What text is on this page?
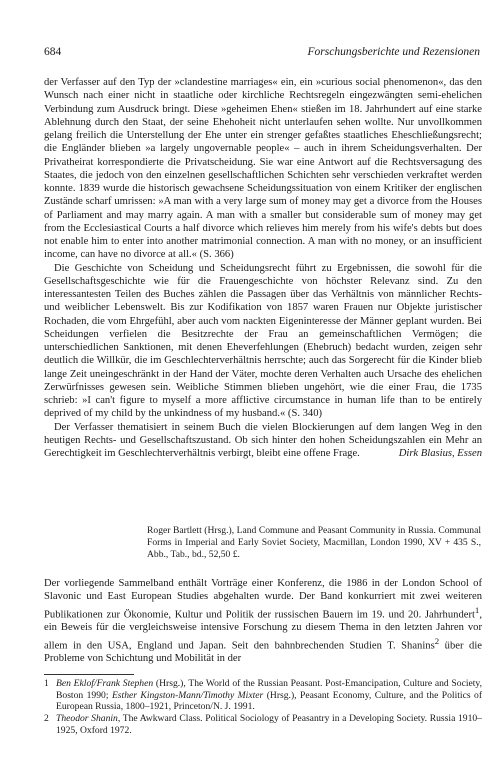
684	Forschungsberichte und Rezensionen

der Verfasser auf den Typ der »clandestine marriages« ein, ein »curious social phenomenon«, das den Wunsch nach einer nicht in staatliche oder kirchliche Rechtsregeln eingezwängten semi-ehelichen Verbindung zum Ausdruck bringt. Diese »geheimen Ehen« stießen im 18. Jahrhundert auf eine starke Ablehnung durch den Staat, der seine Ehehoheit nicht unterlaufen sehen wollte. Nur unvollkommen gelang freilich die Unterstellung der Ehe unter ein strenger gefaßtes staatliches Eheschließungsrecht; die Engländer blieben »a largely ungovernable people« – auch in ihrem Scheidungsverhalten. Der Privatheirat korrespondierte die Privatscheidung. Sie war eine Antwort auf die Rechtsversagung des Staates, die jedoch von den einzelnen gesellschaftlichen Schichten sehr verschieden verkraftet werden konnte. 1839 wurde die historisch gewachsene Scheidungssituation von einem Kritiker der englischen Zustände scharf umrissen: »A man with a very large sum of money may get a divorce from the Houses of Parliament and may marry again. A man with a smaller but considerable sum of money may get from the Ecclesiastical Courts a half divorce which relieves him merely from his wife's debts but does not enable him to enter into another matrimonial connection. A man with no money, or an insufficient income, can have no divorce at all.« (S. 366)

Die Geschichte von Scheidung und Scheidungsrecht führt zu Ergebnissen, die sowohl für die Gesellschaftsgeschichte wie für die Frauengeschichte von höchster Relevanz sind. Zu den interessantesten Teilen des Buches zählen die Passagen über das Verhältnis von männlicher Rechts- und weiblicher Lebenswelt. Bis zur Kodifikation von 1857 waren Frauen nur Objekte juristischer Rochaden, die vom Ehrgefühl, aber auch vom nackten Eigeninteresse der Männer geplant wurden. Bei Scheidungen verfielen die Besitzrechte der Frau an gemeinschaftlichen Vermögen; die unterschiedlichen Sanktionen, mit denen Eheverfehlungen (Ehebruch) bedacht wurden, zeigen sehr deutlich die Willkür, die im Geschlechterverhältnis herrschte; auch das Sorgerecht für die Kinder blieb lange Zeit uneingeschränkt in der Hand der Väter, mochte deren Verhalten auch Ursache des ehelichen Zerwürfnisses gewesen sein. Weibliche Stimmen blieben ungehört, wie die einer Frau, die 1735 schrieb: »I can't figure to myself a more afflictive circumstance in human life than to be entirely deprived of my child by the unkindness of my husband.« (S. 340)

Der Verfasser thematisiert in seinem Buch die vielen Blockierungen auf dem langen Weg in den heutigen Rechts- und Gesellschaftszustand. Ob sich hinter den hohen Scheidungszahlen ein Mehr an Gerechtigkeit im Geschlechterverhältnis verbirgt, bleibt eine offene Frage.	Dirk Blasius, Essen

Roger Bartlett (Hrsg.), Land Commune and Peasant Community in Russia. Communal Forms in Imperial and Early Soviet Society, Macmillan, London 1990, XV + 435 S., Abb., Tab., bd., 52,50 £.

Der vorliegende Sammelband enthält Vorträge einer Konferenz, die 1986 in der London School of Slavonic und East European Studies abgehalten wurde. Der Band konkurriert mit zwei weiteren Publikationen zur Ökonomie, Kultur und Politik der russischen Bauern im 19. und 20. Jahrhundert$^1$, ein Beweis für die vergleichsweise intensive Forschung zu diesem Thema in den letzten Jahren vor allem in den USA, England und Japan. Seit den bahnbrechenden Studien T. Shanins$^2$ über die Probleme von Schichtung und Mobilität in der

1 Ben Eklof/Frank Stephen (Hrsg.), The World of the Russian Peasant. Post-Emancipation, Culture and Society, Boston 1990; Esther Kingston-Mann/Timothy Mixter (Hrsg.), Peasant Economy, Culture, and the Politics of European Russia, 1800–1921, Princeton/N. J. 1991.
2 Theodor Shanin, The Awkward Class. Political Sociology of Peasantry in a Developing Society. Russia 1910–1925, Oxford 1972.
